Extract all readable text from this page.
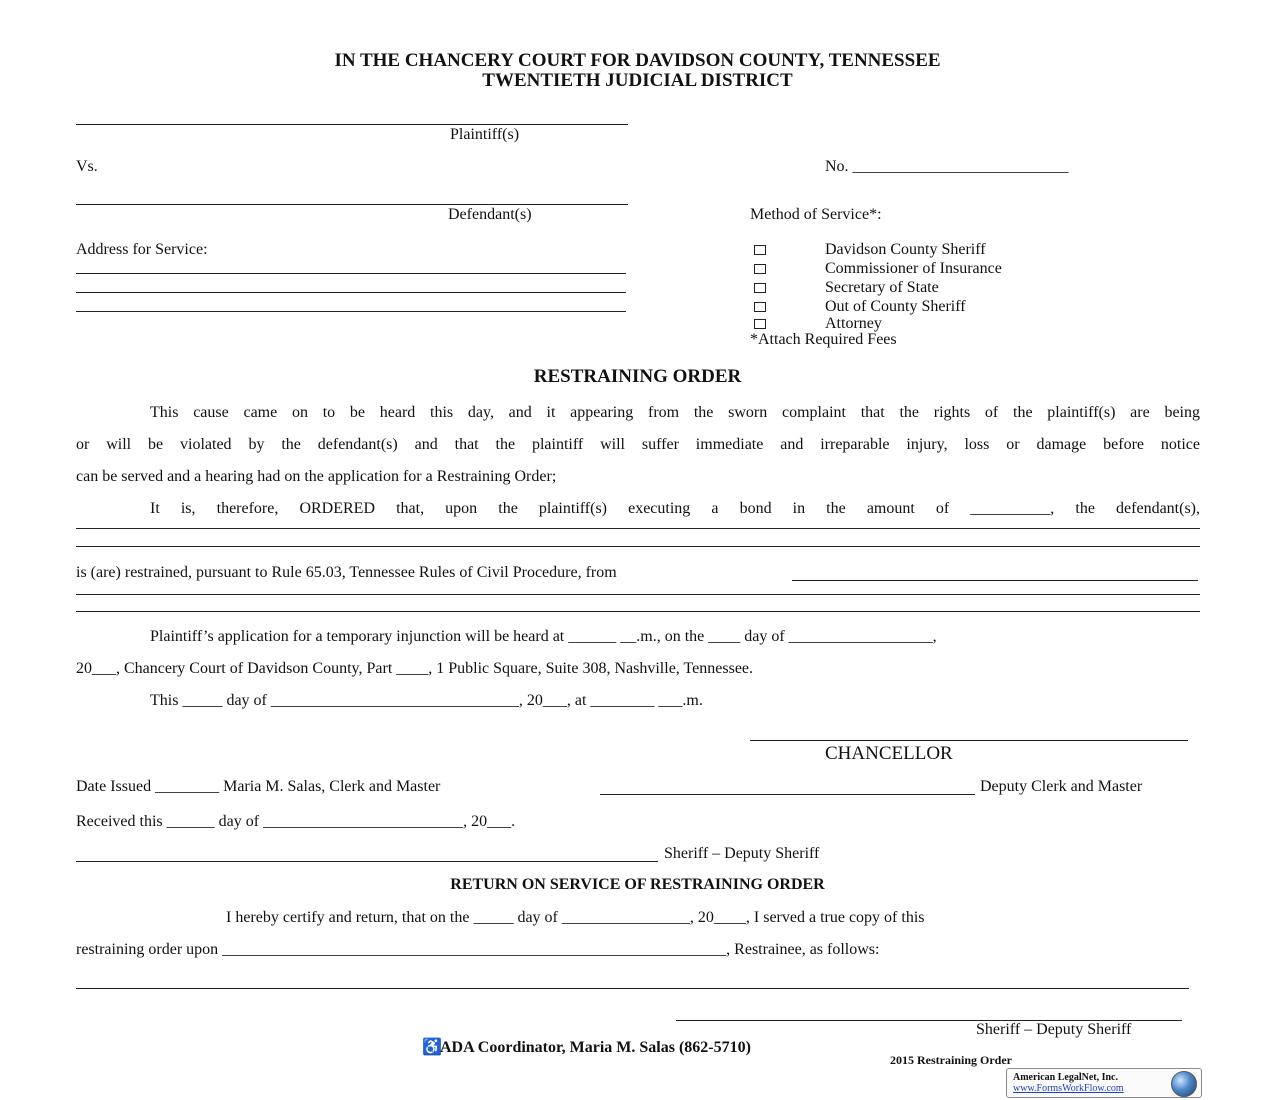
IN THE CHANCERY COURT FOR DAVIDSON COUNTY, TENNESSEE
TWENTIETH JUDICIAL DISTRICT
Plaintiff(s)
Vs.	No. ___________________________
Defendant(s)	Method of Service*:
Address for Service:	Davidson County Sheriff
Commissioner of Insurance
Secretary of State
Out of County Sheriff
Attorney
*Attach Required Fees
RESTRAINING ORDER
This cause came on to be heard this day, and it appearing from the sworn complaint that the rights of the plaintiff(s) are being
or will be violated by the defendant(s) and that the plaintiff will suffer immediate and irreparable injury, loss or damage before notice
can be served and a hearing had on the application for a Restraining Order;
It is, therefore, ORDERED that, upon the plaintiff(s) executing a bond in the amount of __________, the defendant(s),
is (are) restrained, pursuant to Rule 65.03, Tennessee Rules of Civil Procedure, from
Plaintiff’s application for a temporary injunction will be heard at ______ __.m., on the ____ day of __________________,
20___, Chancery Court of Davidson County, Part ____, 1 Public Square, Suite 308, Nashville, Tennessee.
This _____ day of _______________________________, 20___, at ________ ___.m.
CHANCELLOR
Date Issued ________ Maria M. Salas, Clerk and Master	Deputy Clerk and Master
Received this ______ day of _________________________, 20___.
Sheriff – Deputy Sheriff
RETURN ON SERVICE OF RESTRAINING ORDER
I hereby certify and return, that on the _____ day of ________________, 20____, I served a true copy of this
restraining order upon _______________________________________________________________, Restrainee, as follows:
Sheriff – Deputy Sheriff
♿ADA Coordinator, Maria M. Salas (862-5710)
2015 Restraining Order
American LegalNet, Inc.
www.FormsWorkFlow.com
